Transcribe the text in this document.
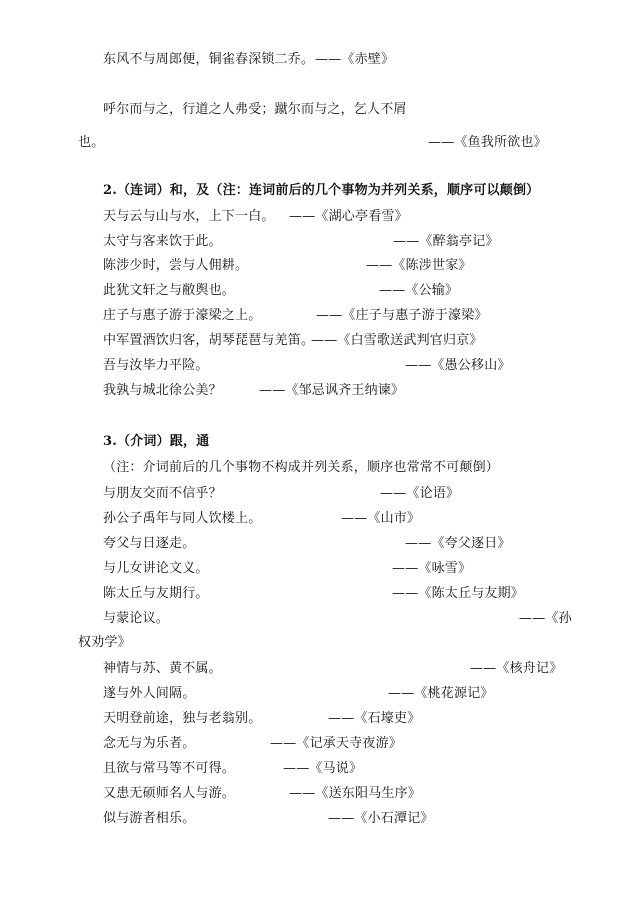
东风不与周郎便，铜雀春深锁二乔。 ——《赤壁》
呼尔而与之，行道之人弗受；蹴尔而与之，乞人不屑
也。	——《鱼我所欲也》
2.（连词）和，及（注：连词前后的几个事物为并列关系，顺序可以颠倒）
天与云与山与水，上下一白。 ——《湖心亭看雪》
太守与客来饮于此。	——《醉翁亭记》
陈涉少时，尝与人佣耕。	——《陈涉世家》
此犹文轩之与敝舆也。	——《公输》
庄子与惠子游于濠梁之上。	——《庄子与惠子游于濠梁》
中军置酒饮归客，胡琴琵琶与羌笛。
——《白雪歌送武判官归京》
吾与汝毕力平险。	——《愚公移山》
我孰与城北徐公美？	——《邹忌讽齐王纳谏》
3.（介词）跟，通
（注：介词前后的几个事物不构成并列关系，顺序也常常不可颠倒）
与朋友交而不信乎？	——《论语》
孙公子禹年与同人饮楼上。	——《山市》
夸父与日逐走。	——《夸父逐日》
与儿女讲论文义。	——《咏雪》
陈太丘与友期行。	——《陈太丘与友期》
与蒙论议。	——《孙
权劝学》
神情与苏、黄不属。	——《核舟记》
遂与外人间隔。	——《桃花源记》
天明登前途，独与老翁别。	——《石壕吏》
念无与为乐者。	——《记承天寺夜游》
且欲与常马等不可得。	——《马说》
又患无硕师名人与游。	——《送东阳马生序》
似与游者相乐。	——《小石潭记》
